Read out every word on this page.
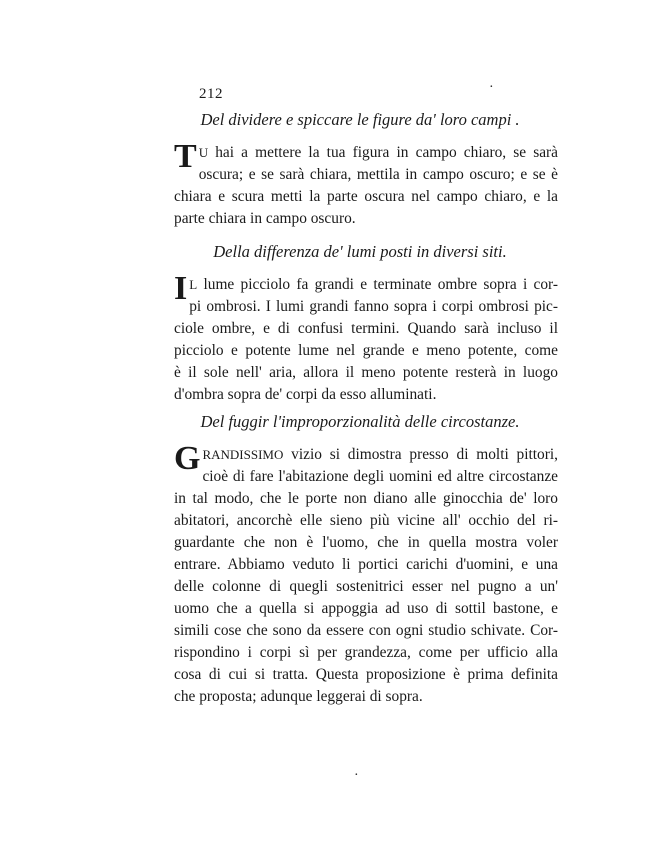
212
Del dividere e spiccare le figure da' loro campi .
T U hai a mettere la tua figura in campo chiaro, se sarà
oscura; e se sarà chiara, mettila in campo oscuro; e se è
chiara e scura metti la parte oscura nel campo chiaro, e la
parte chiara in campo oscuro.
Della differenza de' lumi posti in diversi siti.
I L lume picciolo fa grandi e terminate ombre sopra i cor-
pi ombrosi. I lumi grandi fanno sopra i corpi ombrosi pic-
ciole ombre, e di confusi termini. Quando sarà incluso il
picciolo e potente lume nel grande e meno potente, come
è il sole nell' aria, allora il meno potente resterà in luogo
d'ombra sopra de' corpi da esso alluminati.
Del fuggir l'improporzionalità delle circostanze.
GRANDISSIMO vizio si dimostra presso di molti pittori,
cioè di fare l'abitazione degli uomini ed altre circostanze
in tal modo, che le porte non diano alle ginocchia de' loro
abitatori, ancorchè elle sieno più vicine all' occhio del ri-
guardante che non è l'uomo, che in quella mostra voler
entrare. Abbiamo veduto li portici carichi d'uomini, e una
delle colonne di quegli sostenitrici esser nel pugno a un'
uomo che a quella si appoggia ad uso di sottil bastone, e
simili cose che sono da essere con ogni studio schivate. Cor-
rispondino i corpi sì per grandezza, come per ufficio alla
cosa di cui si tratta. Questa proposizione è prima definita
che proposta; adunque leggerai di sopra.
·
·
